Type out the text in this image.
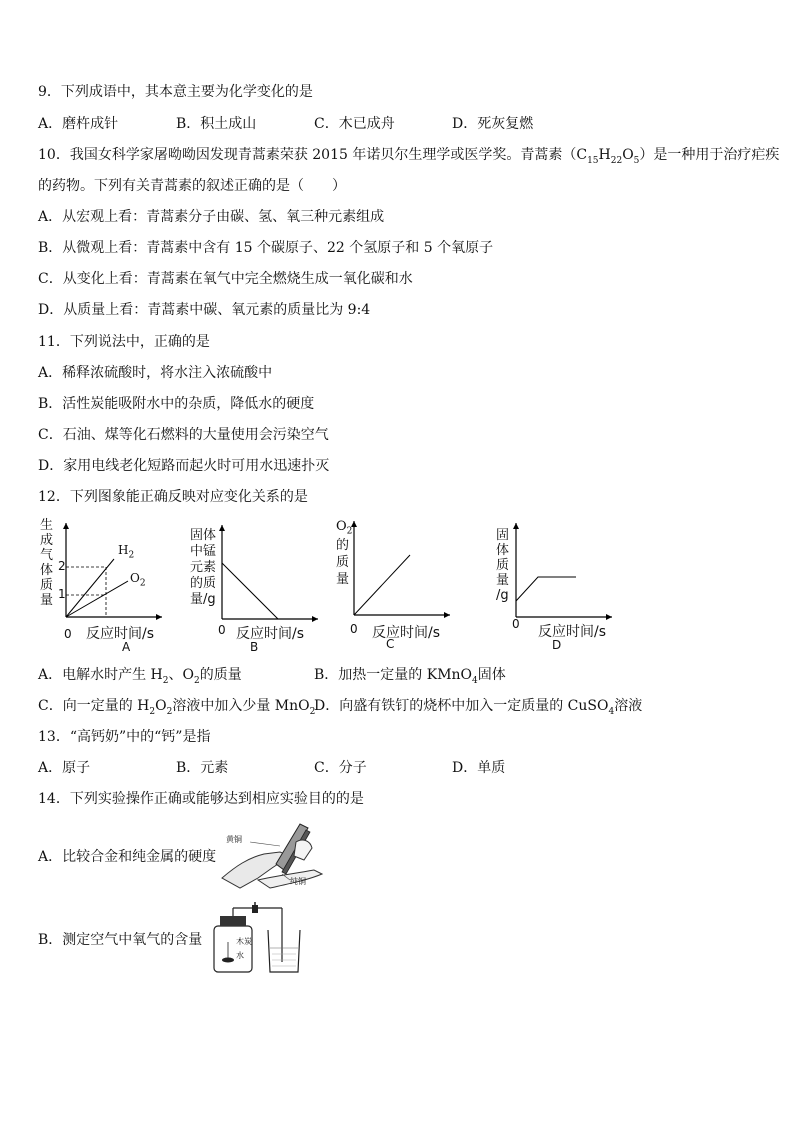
9．下列成语中，其本意主要为化学变化的是
A．磨杵成针	B．积土成山	C．木已成舟	D．死灰复燃
10．我国女科学家屠呦呦因发现青蒿素荣获 2015 年诺贝尔生理学或医学奖。青蒿素$(C_{15}H_{22}O_5)$是一种用于治疗疟疾
的药物。下列有关青蒿素的叙述正确的是（　　）
A．从宏观上看：青蒿素分子由碳、氢、氧三种元素组成
B．从微观上看：青蒿素中含有 15 个碳原子、22 个氢原子和 5 个氧原子
C．从变化上看：青蒿素在氧气中完全燃烧生成一氧化碳和水
D．从质量上看：青蒿素中碳、氧元素的质量比为 9:4
11．下列说法中，正确的是
A．稀释浓硫酸时，将水注入浓硫酸中
B．活性炭能吸附水中的杂质，降低水的硬度
C．石油、煤等化石燃料的大量使用会污染空气
D．家用电线老化短路而起火时可用水迅速扑灭
12．下列图象能正确反映对应变化关系的是
生
成
气
体
质
量
2
1
$H_2$
$O_2$
0 反应时间/s
A
固体
中锰
元素
的质
量/g
0 反应时间/s
B
$O_2$
的
质
量
0 反应时间/s
C
固
体
质
量
/g
0 反应时间/s
D
A．电解水时产生 $H_2$、$O_2$的质量	B．加热一定量的 KMnO$_4$固体
C．向一定量的 $H_2O_2$溶液中加入少量 MnO$_2$
D．向盛有铁钉的烧杯中加入一定质量的 CuSO$_4$溶液
13．“高钙奶”中的“钙”是指
A．原子	B．元素	C．分子	D．单质
14．下列实验操作正确或能够达到相应实验目的的是
A．比较合金和纯金属的硬度
黄铜
纯铜
B．测定空气中氧气的含量	木炭
水
